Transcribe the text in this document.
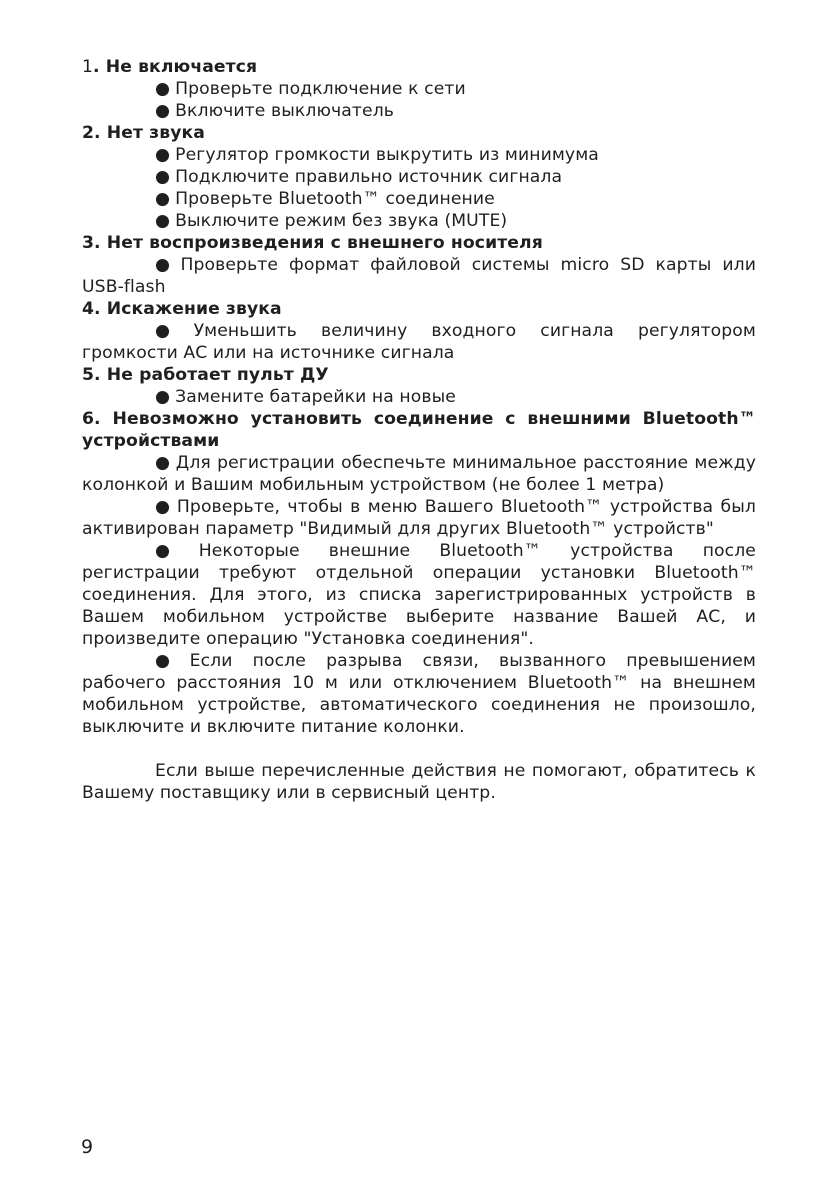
1. Не включается
● Проверьте подключение к сети
● Включите выключатель
2. Нет звука
● Регулятор громкости выкрутить из минимума
● Подключите правильно источник сигнала
● Проверьте Bluetooth™ соединение
● Выключите режим без звука (MUTE)
3. Нет воспроизведения с внешнего носителя
● Проверьте формат файловой системы micro SD карты или USB-flash
4. Искажение звука
● Уменьшить величину входного сигнала регулятором громкости АС или на источнике сигнала
5. Не работает пульт ДУ
● Замените батарейки на новые
6. Невозможно установить соединение с внешними Bluetooth™ устройствами
● Для регистрации обеспечьте минимальное расстояние между колонкой и Вашим мобильным устройством (не более 1 метра)
● Проверьте, чтобы в меню Вашего Bluetooth™ устройства был активирован параметр "Видимый для других Bluetooth™ устройств"
● Некоторые внешние Bluetooth™ устройства после регистрации требуют отдельной операции установки Bluetooth™ соединения. Для этого, из списка зарегистрированных устройств в Вашем мобильном устройстве выберите название Вашей АС, и произведите операцию "Установка соединения".
● Если после разрыва связи, вызванного превышением рабочего расстояния 10 м или отключением Bluetooth™ на внешнем мобильном устройстве, автоматического соединения не произошло, выключите и включите питание колонки.
Если выше перечисленные действия не помогают, обратитесь к Вашему поставщику или в сервисный центр.
9
